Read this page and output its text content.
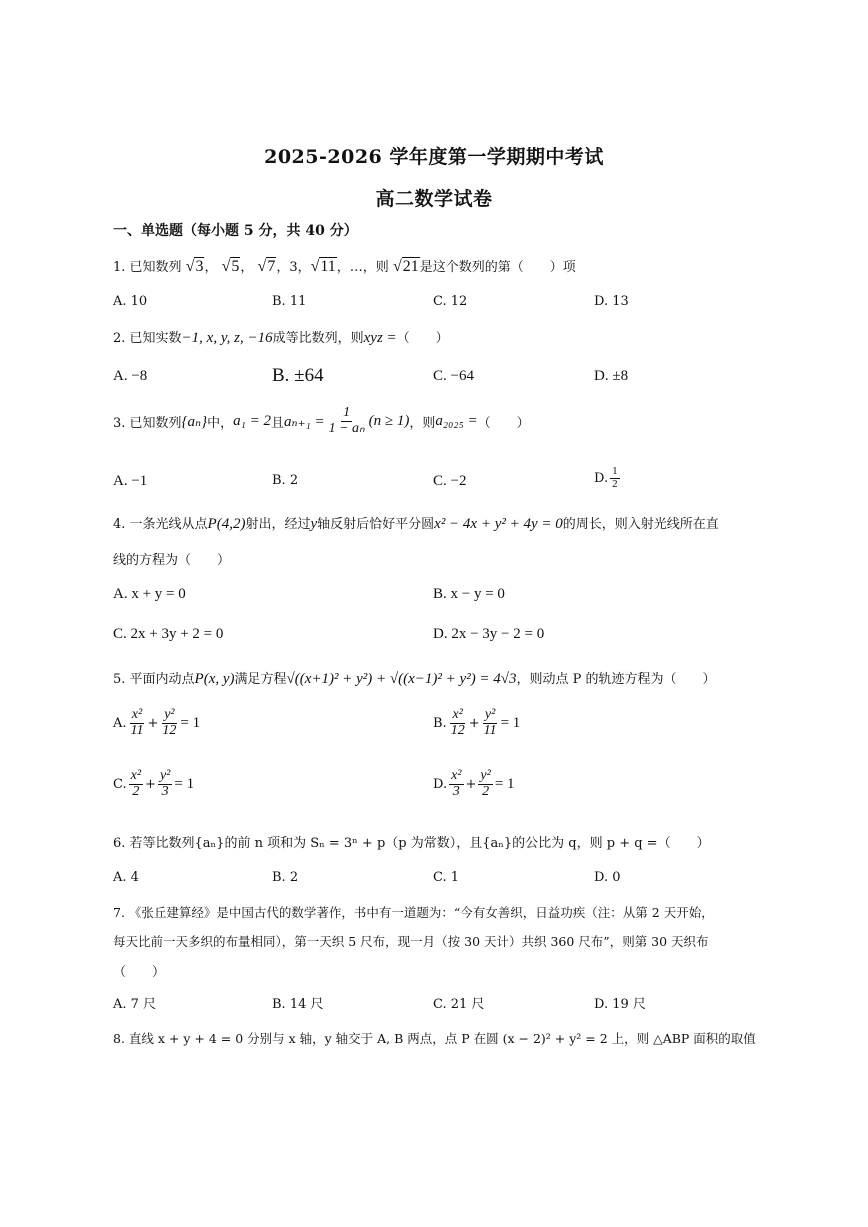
2025-2026 学年度第一学期期中考试
高二数学试卷
一、单选题（每小题 5 分，共 40 分）
1. 已知数列 √3， √5， √7，3，√11，…，则 √21是这个数列的第（　　）项
A. 10	B. 11	C. 12	D. 13
2. 已知实数−1, x, y, z, −16成等比数列，则xyz =（　　）
A. −8	B. ±64	C. −64	D. ±8
3. 已知数列 {aₙ} 中， a₁ = 2 且 $a_{n+1} = \frac{1}{\text{1 − aₙ}} (n \ge 1)$ ，则 a₂₀₂₅ = （　　）
A. −1	B. 2	C. −2	D. $\frac{1}{2}$
4. 一条光线从点P(4,2)射出，经过y轴反射后恰好平分圆x² − 4x + y² + 4y = 0的周长，则入射光线所在直
线的方程为（　　）
A. x + y = 0	B. x − y = 0
C. 2x + 3y + 2 = 0	D. 2x − 3y − 2 = 0
5. 平面内动点P(x, y)满足方程√((x+1)² + y²) + √((x−1)² + y²) = 4√3，则动点 P 的轨迹方程为（　　）
A. $\frac{\text{x²}}{11} + \frac{\text{y²}}{12} = 1$	B. $\frac{\text{x²}}{12} + \frac{\text{y²}}{11} = 1$
C. $\frac{\text{x²}}{2} + \frac{\text{y²}}{3} = 1$	D. $\frac{\text{x²}}{3} + \frac{\text{y²}}{2} = 1$
6. 若等比数列{aₙ}的前 n 项和为 Sₙ = 3ⁿ + p（p 为常数），且{aₙ}的公比为 q，则 p + q =（　　）
A. 4	B. 2	C. 1	D. 0
7. 《张丘建算经》是中国古代的数学著作，书中有一道题为：“今有女善织，日益功疾（注：从第 2 天开始，
每天比前一天多织的布量相同），第一天织 5 尺布，现一月（按 30 天计）共织 360 尺布”，则第 30 天织布
（　　）
A. 7 尺	B. 14 尺	C. 21 尺	D. 19 尺
8. 直线 x + y + 4 = 0 分别与 x 轴，y 轴交于 A, B 两点，点 P 在圆 (x − 2)² + y² = 2 上，则 △ABP 面积的取值
